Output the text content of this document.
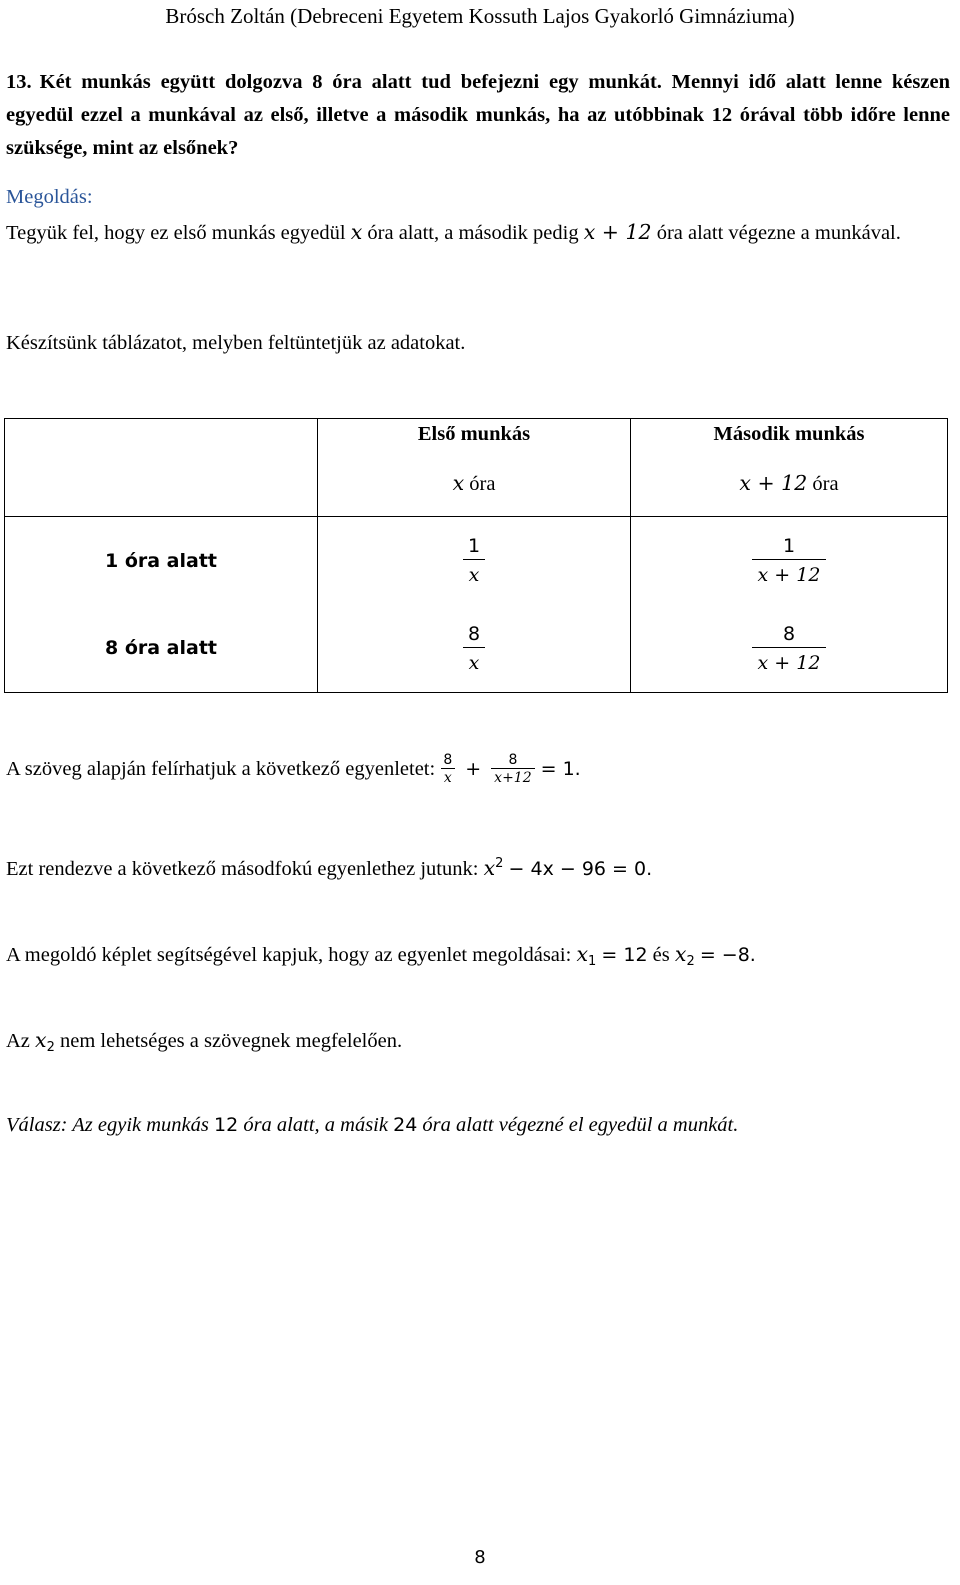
Brósch Zoltán (Debreceni Egyetem Kossuth Lajos Gyakorló Gimnáziuma)
13. Két munkás együtt dolgozva 8 óra alatt tud befejezni egy munkát. Mennyi idő alatt lenne készen egyedül ezzel a munkával az első, illetve a második munkás, ha az utóbbinak 12 órával több időre lenne szüksége, mint az elsőnek?
Megoldás:
Tegyük fel, hogy ez első munkás egyedül x óra alatt, a második pedig x + 12 óra alatt végezne a munkával.
Készítsünk táblázatot, melyben feltüntetjük az adatokat.
	Első munkás	Második munkás
	x óra	x + 12 óra
1 óra alatt	$\frac{1}{x}$	$\frac{1}{x + 12}$

8 óra alatt	$\frac{8}{x}$	$\frac{8}{x + 12}$
A szöveg alapján felírhatjuk a következő egyenletet:
$\frac{8}{x} + \frac{8}{x+12} = 1$.
Ezt rendezve a következő másodfokú egyenlethez jutunk: $x^2 - 4x - 96 = 0$.
A megoldó képlet segítségével kapjuk, hogy az egyenlet megoldásai: $x_1 = 12$ és $x_2 = -8$.
Az $x_2$ nem lehetséges a szövegnek megfelelően.
Válasz: Az egyik munkás 12 óra alatt, a másik 24 óra alatt végezné el egyedül a munkát.
8
